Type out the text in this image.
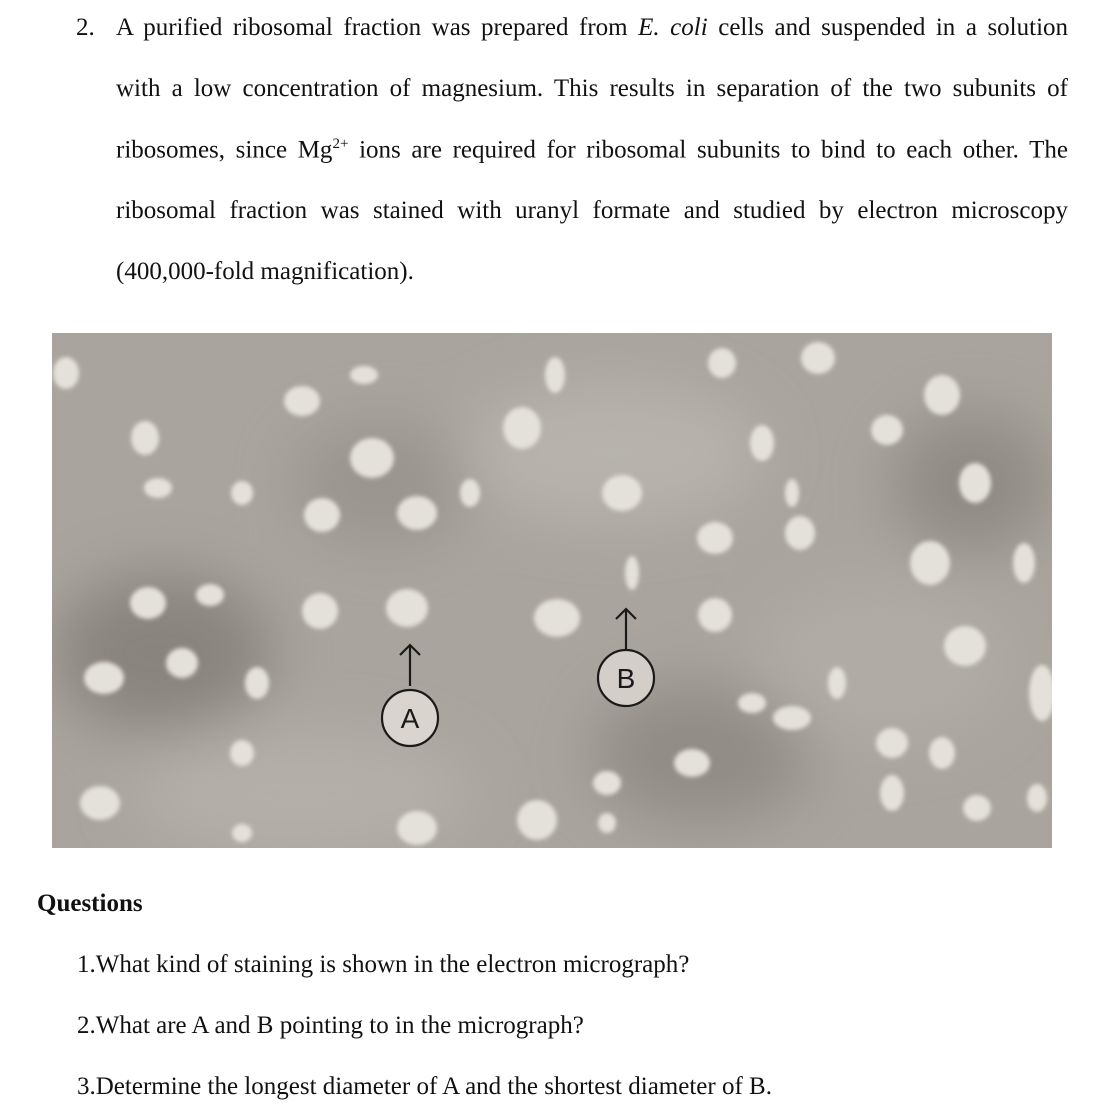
2. A purified ribosomal fraction was prepared from E. coli cells and suspended in a solution
with a low concentration of magnesium. This results in separation of the two subunits of
ribosomes, since $Mg^{2+}$ ions are required for ribosomal subunits to bind to each other. The
ribosomal fraction was stained with uranyl formate and studied by electron microscopy
(400,000-fold magnification).
A
B
Questions
1.What kind of staining is shown in the electron micrograph?
2.What are A and B pointing to in the micrograph?
3.Determine the longest diameter of A and the shortest diameter of B.
